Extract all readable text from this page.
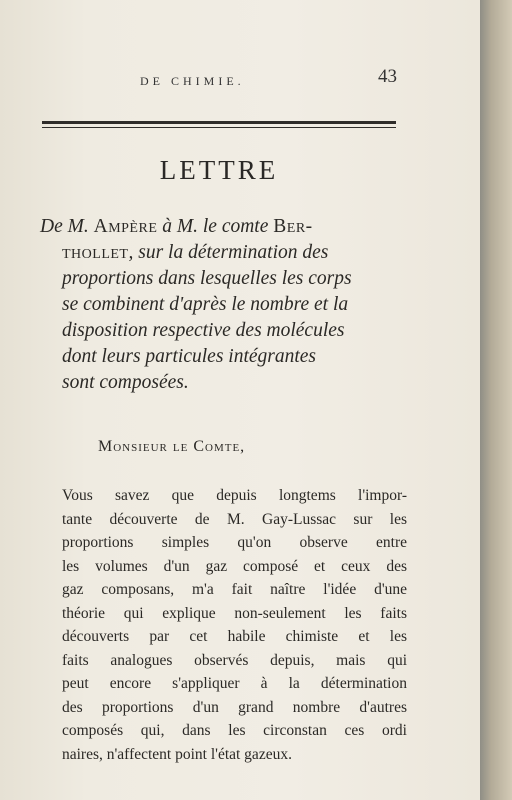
DE CHIMIE.	43
LETTRE
De M. Ampère à M. le comte Ber-
thollet, sur la détermination des
proportions dans lesquelles les corps
se combinent d'après le nombre et la
disposition respective des molécules
dont leurs particules intégrantes
sont composées.
Monsieur le Comte,
Vous savez que depuis longtems l'impor-
tante découverte de M. Gay-Lussac sur les
proportions simples qu'on observe entre
les volumes d'un gaz composé et ceux des
gaz composans, m'a fait naître l'idée d'une
théorie qui explique non-seulement les faits
découverts par cet habile chimiste et les
faits analogues observés depuis, mais qui
peut encore s'appliquer à la détermination
des proportions d'un grand nombre d'autres
composés qui, dans les circonstan ces ordi
naires, n'affectent point l'état gazeux.
